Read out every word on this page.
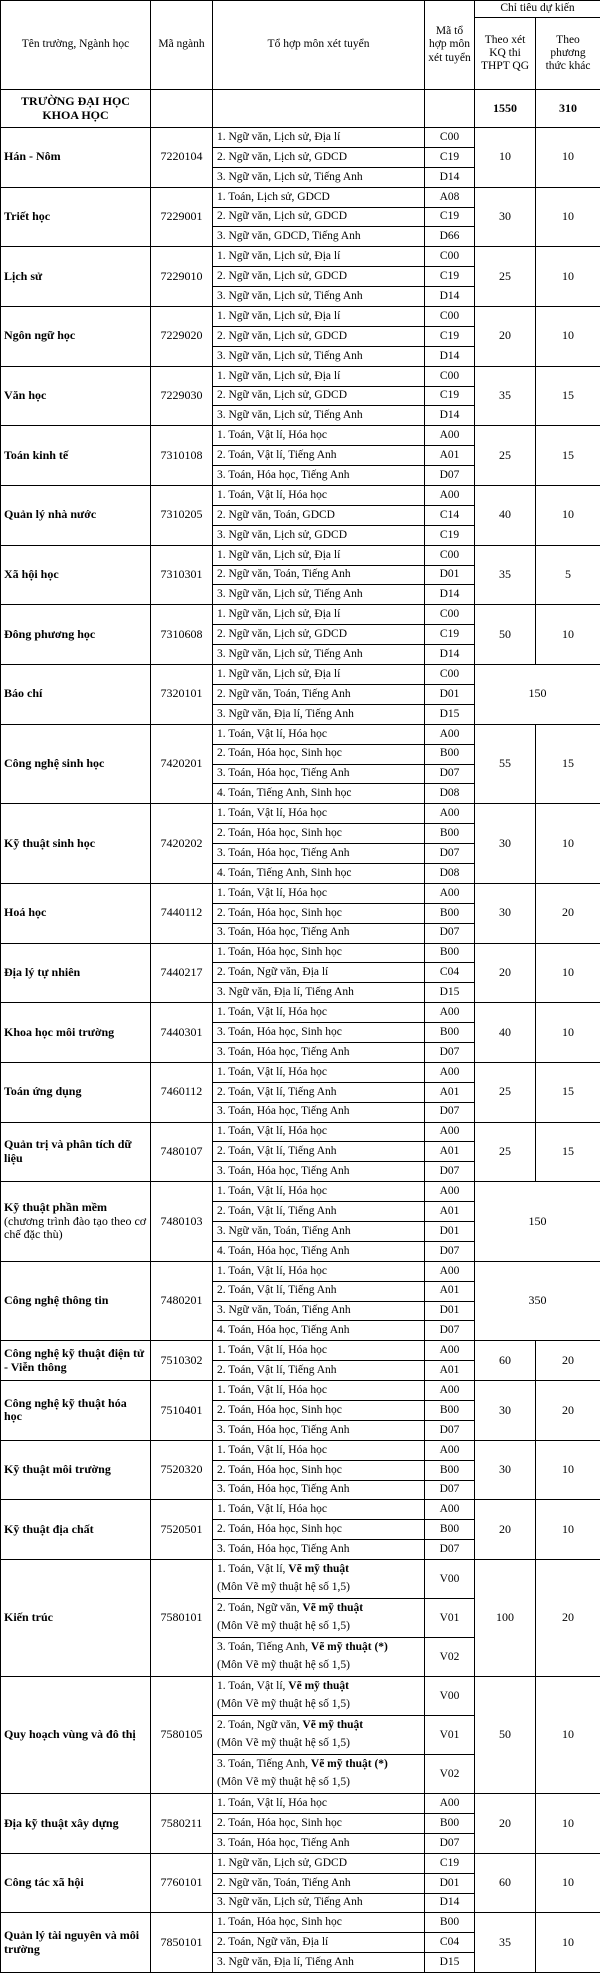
Tên trường, Ngành học	Mã ngành	Tổ hợp môn xét tuyển	Mã tổ hợp môn xét tuyển	Chỉ tiêu dự kiến	
				Theo xét KQ thi THPT QG	Theo phương thức khác
TRƯỜNG ĐẠI HỌC KHOA HỌC				1550	310
Hán - Nôm	7220104	1. Ngữ văn, Lịch sử, Địa lí	C00	10	10
		2. Ngữ văn, Lịch sử, GDCD	C19		
		3. Ngữ văn, Lịch sử, Tiếng Anh	D14		
Triết học	7229001	1. Toán, Lịch sử, GDCD	A08	30	10
		2. Ngữ văn, Lịch sử, GDCD	C19		
		3. Ngữ văn, GDCD, Tiếng Anh	D66		
Lịch sử	7229010	1. Ngữ văn, Lịch sử, Địa lí	C00	25	10
		2. Ngữ văn, Lịch sử, GDCD	C19		
		3. Ngữ văn, Lịch sử, Tiếng Anh	D14		
Ngôn ngữ học	7229020	1. Ngữ văn, Lịch sử, Địa lí	C00	20	10
		2. Ngữ văn, Lịch sử, GDCD	C19		
		3. Ngữ văn, Lịch sử, Tiếng Anh	D14		
Văn học	7229030	1. Ngữ văn, Lịch sử, Địa lí	C00	35	15
		2. Ngữ văn, Lịch sử, GDCD	C19		
		3. Ngữ văn, Lịch sử, Tiếng Anh	D14		
Toán kinh tế	7310108	1. Toán, Vật lí, Hóa học	A00	25	15
		2. Toán, Vật lí, Tiếng Anh	A01		
		3. Toán, Hóa học, Tiếng Anh	D07		
Quản lý nhà nước	7310205	1. Toán, Vật lí, Hóa học	A00	40	10
		2. Ngữ văn, Toán, GDCD	C14		
		3. Ngữ văn, Lịch sử, GDCD	C19		
Xã hội học	7310301	1. Ngữ văn, Lịch sử, Địa lí	C00	35	5
		2. Ngữ văn, Toán, Tiếng Anh	D01		
		3. Ngữ văn, Lịch sử, Tiếng Anh	D14		
Đông phương học	7310608	1. Ngữ văn, Lịch sử, Địa lí	C00	50	10
		2. Ngữ văn, Lịch sử, GDCD	C19		
		3. Ngữ văn, Lịch sử, Tiếng Anh	D14		
Báo chí	7320101	1. Ngữ văn, Lịch sử, Địa lí	C00	150	
		2. Ngữ văn, Toán, Tiếng Anh	D01		
		3. Ngữ văn, Địa lí, Tiếng Anh	D15		
Công nghệ sinh học	7420201	1. Toán, Vật lí, Hóa học	A00	55	15
		2. Toán, Hóa học, Sinh học	B00		
		3. Toán, Hóa học, Tiếng Anh	D07		
		4. Toán, Tiếng Anh, Sinh học	D08		
Kỹ thuật sinh học	7420202	1. Toán, Vật lí, Hóa học	A00	30	10
		2. Toán, Hóa học, Sinh học	B00		
		3. Toán, Hóa học, Tiếng Anh	D07		
		4. Toán, Tiếng Anh, Sinh học	D08		
Hoá học	7440112	1. Toán, Vật lí, Hóa học	A00	30	20
		2. Toán, Hóa học, Sinh học	B00		
		3. Toán, Hóa học, Tiếng Anh	D07		
Địa lý tự nhiên	7440217	1. Toán, Hóa học, Sinh học	B00	20	10
		2. Toán, Ngữ văn, Địa lí	C04		
		3. Ngữ văn, Địa lí, Tiếng Anh	D15		
Khoa học môi trường	7440301	1. Toán, Vật lí, Hóa học	A00	40	10
		3. Toán, Hóa học, Sinh học	B00		
		3. Toán, Hóa học, Tiếng Anh	D07		
Toán ứng dụng	7460112	1. Toán, Vật lí, Hóa học	A00	25	15
		2. Toán, Vật lí, Tiếng Anh	A01		
		3. Toán, Hóa học, Tiếng Anh	D07		
Quản trị và phân tích dữ liệu	7480107	1. Toán, Vật lí, Hóa học	A00	25	15
		2. Toán, Vật lí, Tiếng Anh	A01		
		3. Toán, Hóa học, Tiếng Anh	D07		
Kỹ thuật phần mềm
(chương trình đào tạo theo cơ chế đặc thù)	7480103	1. Toán, Vật lí, Hóa học	A00	150	
		2. Toán, Vật lí, Tiếng Anh	A01		
		3. Ngữ văn, Toán, Tiếng Anh	D01		
		4. Toán, Hóa học, Tiếng Anh	D07		
Công nghệ thông tin	7480201	1. Toán, Vật lí, Hóa học	A00	350	
		2. Toán, Vật lí, Tiếng Anh	A01		
		3. Ngữ văn, Toán, Tiếng Anh	D01		
		4. Toán, Hóa học, Tiếng Anh	D07		
Công nghệ kỹ thuật điện tử - Viễn thông	7510302	1. Toán, Vật lí, Hóa học	A00	60	20
		2. Toán, Vật lí, Tiếng Anh	A01		
Công nghệ kỹ thuật hóa học	7510401	1. Toán, Vật lí, Hóa học	A00	30	20
		2. Toán, Hóa học, Sinh học	B00		
		3. Toán, Hóa học, Tiếng Anh	D07		
Kỹ thuật môi trường	7520320	1. Toán, Vật lí, Hóa học	A00	30	10
		2. Toán, Hóa học, Sinh học	B00		
		3. Toán, Hóa học, Tiếng Anh	D07		
Kỹ thuật địa chất	7520501	1. Toán, Vật lí, Hóa học	A00	20	10
		2. Toán, Hóa học, Sinh học	B00		
		3. Toán, Hóa học, Tiếng Anh	D07		
Kiến trúc	7580101	1. Toán, Vật lí, Vẽ mỹ thuật
(Môn Vẽ mỹ thuật hệ số 1,5)	V00	100	20
		2. Toán, Ngữ văn, Vẽ mỹ thuật
(Môn Vẽ mỹ thuật hệ số 1,5)	V01		
		3. Toán, Tiếng Anh, Vẽ mỹ thuật (*)
(Môn Vẽ mỹ thuật hệ số 1,5)	V02		
Quy hoạch vùng và đô thị	7580105	1. Toán, Vật lí, Vẽ mỹ thuật
(Môn Vẽ mỹ thuật hệ số 1,5)	V00	50	10
		2. Toán, Ngữ văn, Vẽ mỹ thuật
(Môn Vẽ mỹ thuật hệ số 1,5)	V01		
		3. Toán, Tiếng Anh, Vẽ mỹ thuật (*)
(Môn Vẽ mỹ thuật hệ số 1,5)	V02		
Địa kỹ thuật xây dựng	7580211	1. Toán, Vật lí, Hóa học	A00	20	10
		2. Toán, Hóa học, Sinh học	B00		
		3. Toán, Hóa học, Tiếng Anh	D07		
Công tác xã hội	7760101	1. Ngữ văn, Lịch sử, GDCD	C19	60	10
		2. Ngữ văn, Toán, Tiếng Anh	D01		
		3. Ngữ văn, Lịch sử, Tiếng Anh	D14		
Quản lý tài nguyên và môi trường	7850101	1. Toán, Hóa học, Sinh học	B00	35	10
		2. Toán, Ngữ văn, Địa lí	C04		
		3. Ngữ văn, Địa lí, Tiếng Anh	D15		
